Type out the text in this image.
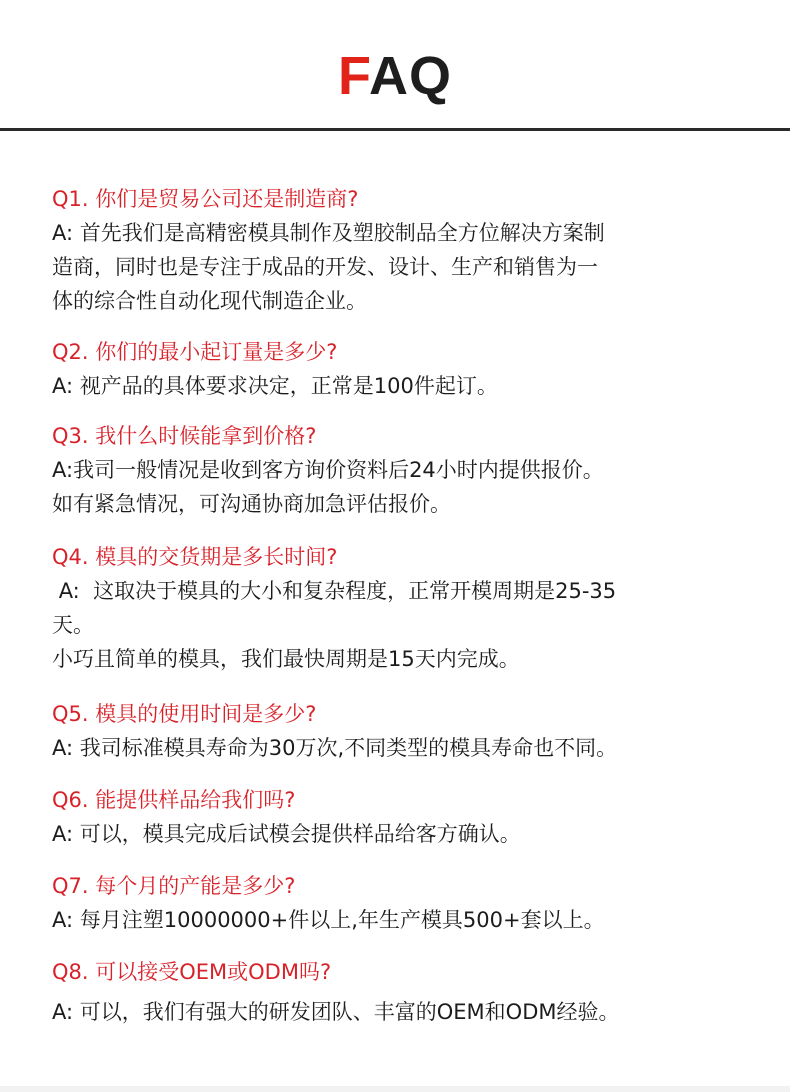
FAQ
Q1. 你们是贸易公司还是制造商?
A: 首先我们是高精密模具制作及塑胶制品全方位解决方案制
造商，同时也是专注于成品的开发、设计、生产和销售为一
体的综合性自动化现代制造企业。
Q2. 你们的最小起订量是多少?
A: 视产品的具体要求决定，正常是100件起订。
Q3. 我什么时候能拿到价格?
A:我司一般情况是收到客方询价资料后24小时内提供报价。
如有紧急情况，可沟通协商加急评估报价。
Q4. 模具的交货期是多长时间?
A:  这取决于模具的大小和复杂程度，正常开模周期是25-35
天。
小巧且简单的模具，我们最快周期是15天内完成。
Q5. 模具的使用时间是多少?
A: 我司标准模具寿命为30万次,不同类型的模具寿命也不同。
Q6. 能提供样品给我们吗?
A: 可以，模具完成后试模会提供样品给客方确认。
Q7. 每个月的产能是多少?
A: 每月注塑10000000+件以上,年生产模具500+套以上。
Q8. 可以接受OEM或ODM吗?
A: 可以，我们有强大的研发团队、丰富的OEM和ODM经验。
